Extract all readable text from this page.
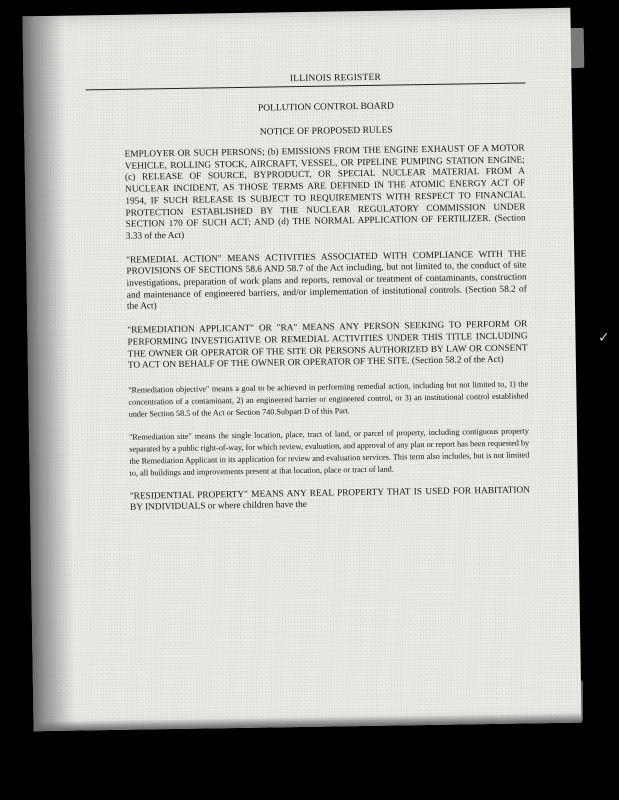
✓
ILLINOIS REGISTER
POLLUTION CONTROL BOARD
NOTICE OF PROPOSED RULES
EMPLOYER OR SUCH PERSONS; (b) EMISSIONS FROM THE ENGINE EXHAUST OF A MOTOR VEHICLE, ROLLING STOCK, AIRCRAFT, VESSEL, OR PIPELINE PUMPING STATION ENGINE; (c) RELEASE OF SOURCE, BYPRODUCT, OR SPECIAL NUCLEAR MATERIAL FROM A NUCLEAR INCIDENT, AS THOSE TERMS ARE DEFINED IN THE ATOMIC ENERGY ACT OF 1954, IF SUCH RELEASE IS SUBJECT TO REQUIREMENTS WITH RESPECT TO FINANCIAL PROTECTION ESTABLISHED BY THE NUCLEAR REGULATORY COMMISSION UNDER SECTION 170 OF SUCH ACT; AND (d) THE NORMAL APPLICATION OF FERTILIZER. (Section 3.33 of the Act)
"REMEDIAL ACTION" MEANS ACTIVITIES ASSOCIATED WITH COMPLIANCE WITH THE PROVISIONS OF SECTIONS 58.6 AND 58.7 of the Act including, but not limited to, the conduct of site investigations, preparation of work plans and reports, removal or treatment of contaminants, construction and maintenance of engineered barriers, and/or implementation of institutional controls. (Section 58.2 of the Act)
"REMEDIATION APPLICANT" OR "RA" MEANS ANY PERSON SEEKING TO PERFORM OR PERFORMING INVESTIGATIVE OR REMEDIAL ACTIVITIES UNDER THIS TITLE INCLUDING THE OWNER OR OPERATOR OF THE SITE OR PERSONS AUTHORIZED BY LAW OR CONSENT TO ACT ON BEHALF OF THE OWNER OR OPERATOR OF THE SITE. (Section 58.2 of the Act)
"Remediation objective" means a goal to be achieved in performing remedial action, including but not limited to, 1) the concentration of a contaminant, 2) an engineered barrier or engineered control, or 3) an institutional control established under Section 58.5 of the Act or Section 740.Subpart D of this Part.
"Remediation site" means the single location, place, tract of land, or parcel of property, including contiguous property separated by a public right-of-way, for which review, evaluation, and approval of any plan or report has been requested by the Remediation Applicant in its application for review and evaluation services. This term also includes, but is not limited to, all buildings and improvements present at that location, place or tract of land.
"RESIDENTIAL PROPERTY" MEANS ANY REAL PROPERTY THAT IS USED FOR HABITATION BY INDIVIDUALS or where children have the
